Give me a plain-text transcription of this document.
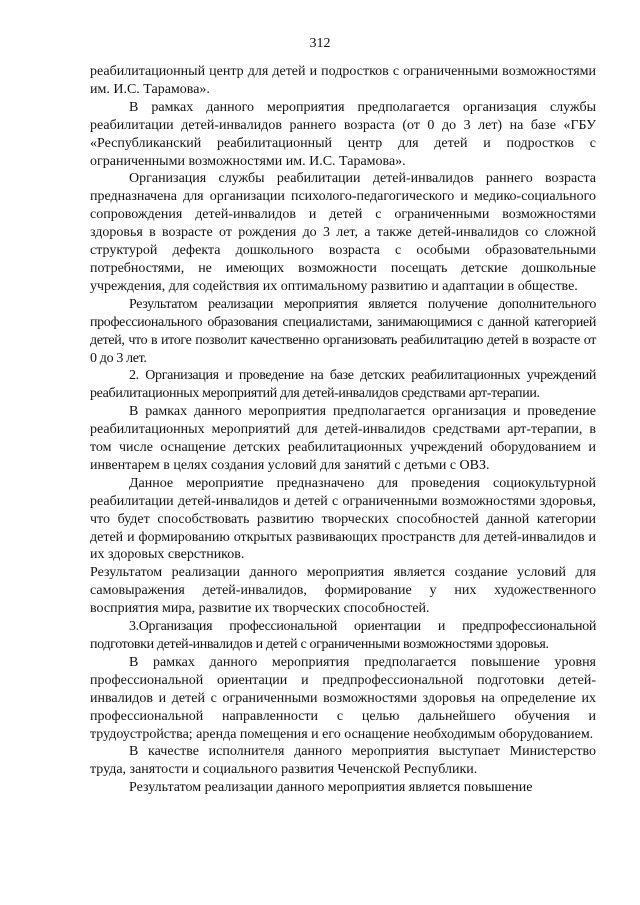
312

реабилитационный центр для детей и подростков с ограниченными возможностями им. И.С. Тарамова».

В рамках данного мероприятия предполагается организация службы реабилитации детей-инвалидов раннего возраста (от 0 до 3 лет) на базе «ГБУ «Республиканский реабилитационный центр для детей и подростков с ограниченными возможностями им. И.С. Тарамова».

Организация службы реабилитации детей-инвалидов раннего возраста предназначена для организации психолого-педагогического и медико-социального сопровождения детей-инвалидов и детей с ограниченными возможностями здоровья в возрасте от рождения до 3 лет, а также детей-инвалидов со сложной структурой дефекта дошкольного возраста с особыми образовательными потребностями, не имеющих возможности посещать детские дошкольные учреждения, для содействия их оптимальному развитию и адаптации в обществе.

Результатом реализации мероприятия является получение дополнительного профессионального образования специалистами, занимающимися с данной категорией детей, что в итоге позволит качественно организовать реабилитацию детей в возрасте от 0 до 3 лет.

2. Организация и проведение на базе детских реабилитационных учреждений реабилитационных мероприятий для детей-инвалидов средствами арт-терапии.

В рамках данного мероприятия предполагается организация и проведение реабилитационных мероприятий для детей-инвалидов средствами арт-терапии, в том числе оснащение детских реабилитационных учреждений оборудованием и инвентарем в целях создания условий для занятий с детьми с ОВЗ.

Данное мероприятие предназначено для проведения социокультурной реабилитации детей-инвалидов и детей с ограниченными возможностями здоровья, что будет способствовать развитию творческих способностей данной категории детей и формированию открытых развивающих пространств для детей-инвалидов и их здоровых сверстников.

Результатом реализации данного мероприятия является создание условий для самовыражения детей-инвалидов, формирование у них художественного восприятия мира, развитие их творческих способностей.

3.Организация профессиональной ориентации и предпрофессиональной подготовки детей-инвалидов и детей с ограниченными возможностями здоровья.

В рамках данного мероприятия предполагается повышение уровня профессиональной ориентации и предпрофессиональной подготовки детей-инвалидов и детей с ограниченными возможностями здоровья на определение их профессиональной направленности с целью дальнейшего обучения и трудоустройства; аренда помещения и его оснащение необходимым оборудованием.

В качестве исполнителя данного мероприятия выступает Министерство труда, занятости и социального развития Чеченской Республики.

Результатом реализации данного мероприятия является повышение
